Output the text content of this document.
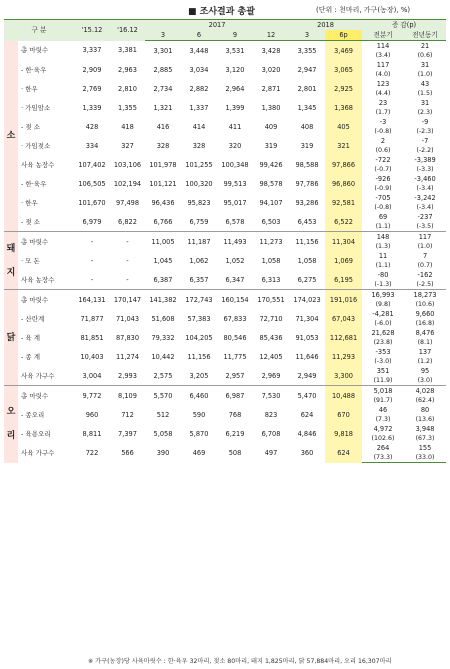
■ 조사결과 총괄	(단위 : 천마리, 가구(농장), %)
구 분		'15.12	'16.12	2017				2018		증 감(p)	
				3	6	9	12	3	6p	전분기	전년동기

소	총 마릿수	3,337	3,381	3,301	3,448	3,531	3,428	3,355	3,469	114	21
										(3.4)	(0.6)
	- 한·육우	2,909	2,963	2,885	3,034	3,120	3,020	2,947	3,065	117	31
										(4.0)	(1.0)
	· 한우	2,769	2,810	2,734	2,882	2,964	2,871	2,801	2,925	123	43
										(4.4)	(1.5)
	· 가임암소	1,339	1,355	1,321	1,337	1,399	1,380	1,345	1,368	23	31
										(1.7)	(2.3)
	- 젖 소	428	418	416	414	411	409	408	405	-3	-9
										(-0.8)	(-2.3)
	· 가임젖소	334	327	328	328	320	319	319	321	2	-7
										(0.6)	(-2.2)
	사육 농장수	107,402	103,106	101,978	101,255	100,348	99,426	98,588	97,866	-722	-3,389
										(-0.7)	(-3.3)
	- 한·육우	106,505	102,194	101,121	100,320	99,513	98,578	97,786	96,860	-926	-3,460
										(-0.9)	(-3.4)
	· 한우	101,670	97,498	96,436	95,823	95,017	94,107	93,286	92,581	-705	-3,242
										(-0.8)	(-3.4)
	- 젖 소	6,979	6,822	6,766	6,759	6,578	6,503	6,453	6,522	69	-237
										(1.1)	(-3.5)

돼

지	총 마릿수	-	-	11,005	11,187	11,493	11,273	11,156	11,304	148	117
										(1.3)	(1.0)
	· 모 돈	-	-	1,045	1,062	1,052	1,058	1,058	1,069	11	7
										(1.1)	(0.7)
	사육 농장수	-	-	6,387	6,357	6,347	6,313	6,275	6,195	-80	-162
										(-1.3)	(-2.5)

닭	총 마릿수	164,131	170,147	141,382	172,743	160,154	170,551	174,023	191,016	16,993	18,273
										(9.8)	(10.6)
	- 산란계	71,877	71,043	51,608	57,383	67,833	72,710	71,304	67,043	-4,281	9,660
										(-6.0)	(16.8)
	- 육 계	81,851	87,830	79,332	104,205	80,546	85,436	91,053	112,681	21,628	8,476
										(23.8)	(8.1)
	- 종 계	10,403	11,274	10,442	11,156	11,775	12,405	11,646	11,293	-353	137
										(-3.0)	(1.2)
	사육 가구수	3,004	2,993	2,575	3,205	2,957	2,969	2,949	3,300	351	95
										(11.9)	(3.0)

오

리	총 마릿수	9,772	8,109	5,570	6,460	6,987	7,530	5,470	10,488	5,018	4,028
										(91.7)	(62.4)
	- 종오리	960	712	512	590	768	823	624	670	46	80
										(7.3)	(13.6)
	- 육용오리	8,811	7,397	5,058	5,870	6,219	6,708	4,846	9,818	4,972	3,948
										(102.6)	(67.3)
	사육 가구수	722	566	390	469	508	497	360	624	264	155
										(73.3)	(33.0)
※ 가구(농장)당 사육마릿수 : 한·육우 32마리, 젖소 80마리, 돼지 1,825마리, 닭 57,884마리, 오리 16,307마리
